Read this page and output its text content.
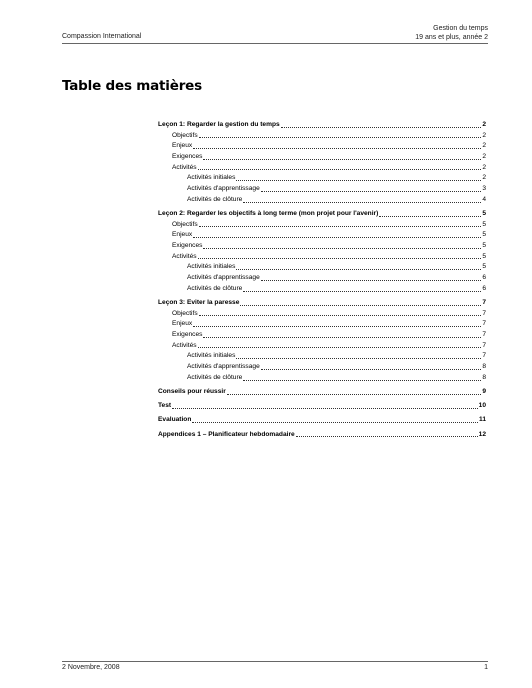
Compassion International
Gestion du temps
19 ans et plus, année 2
Table des matières
Leçon 1: Regarder la gestion du temps	2
Objectifs	2
Enjeux	2
Exigences	2
Activités	2
Activités initiales	2
Activités d'apprentissage	3
Activités de clôture	4
Leçon 2: Regarder les objectifs à long terme (mon projet pour l'avenir)	5
Objectifs	5
Enjeux	5
Exigences	5
Activités	5
Activités initiales	5
Activités d'apprentissage	6
Activités de clôture	6
Leçon 3: Eviter la paresse	7
Objectifs	7
Enjeux	7
Exigences	7
Activités	7
Activités initiales	7
Activités d'apprentissage	8
Activités de clôture	8
Conseils pour réussir	9
Test	10
Evaluation	11
Appendices 1 – Planificateur hebdomadaire	12
2 Novembre, 2008	1
